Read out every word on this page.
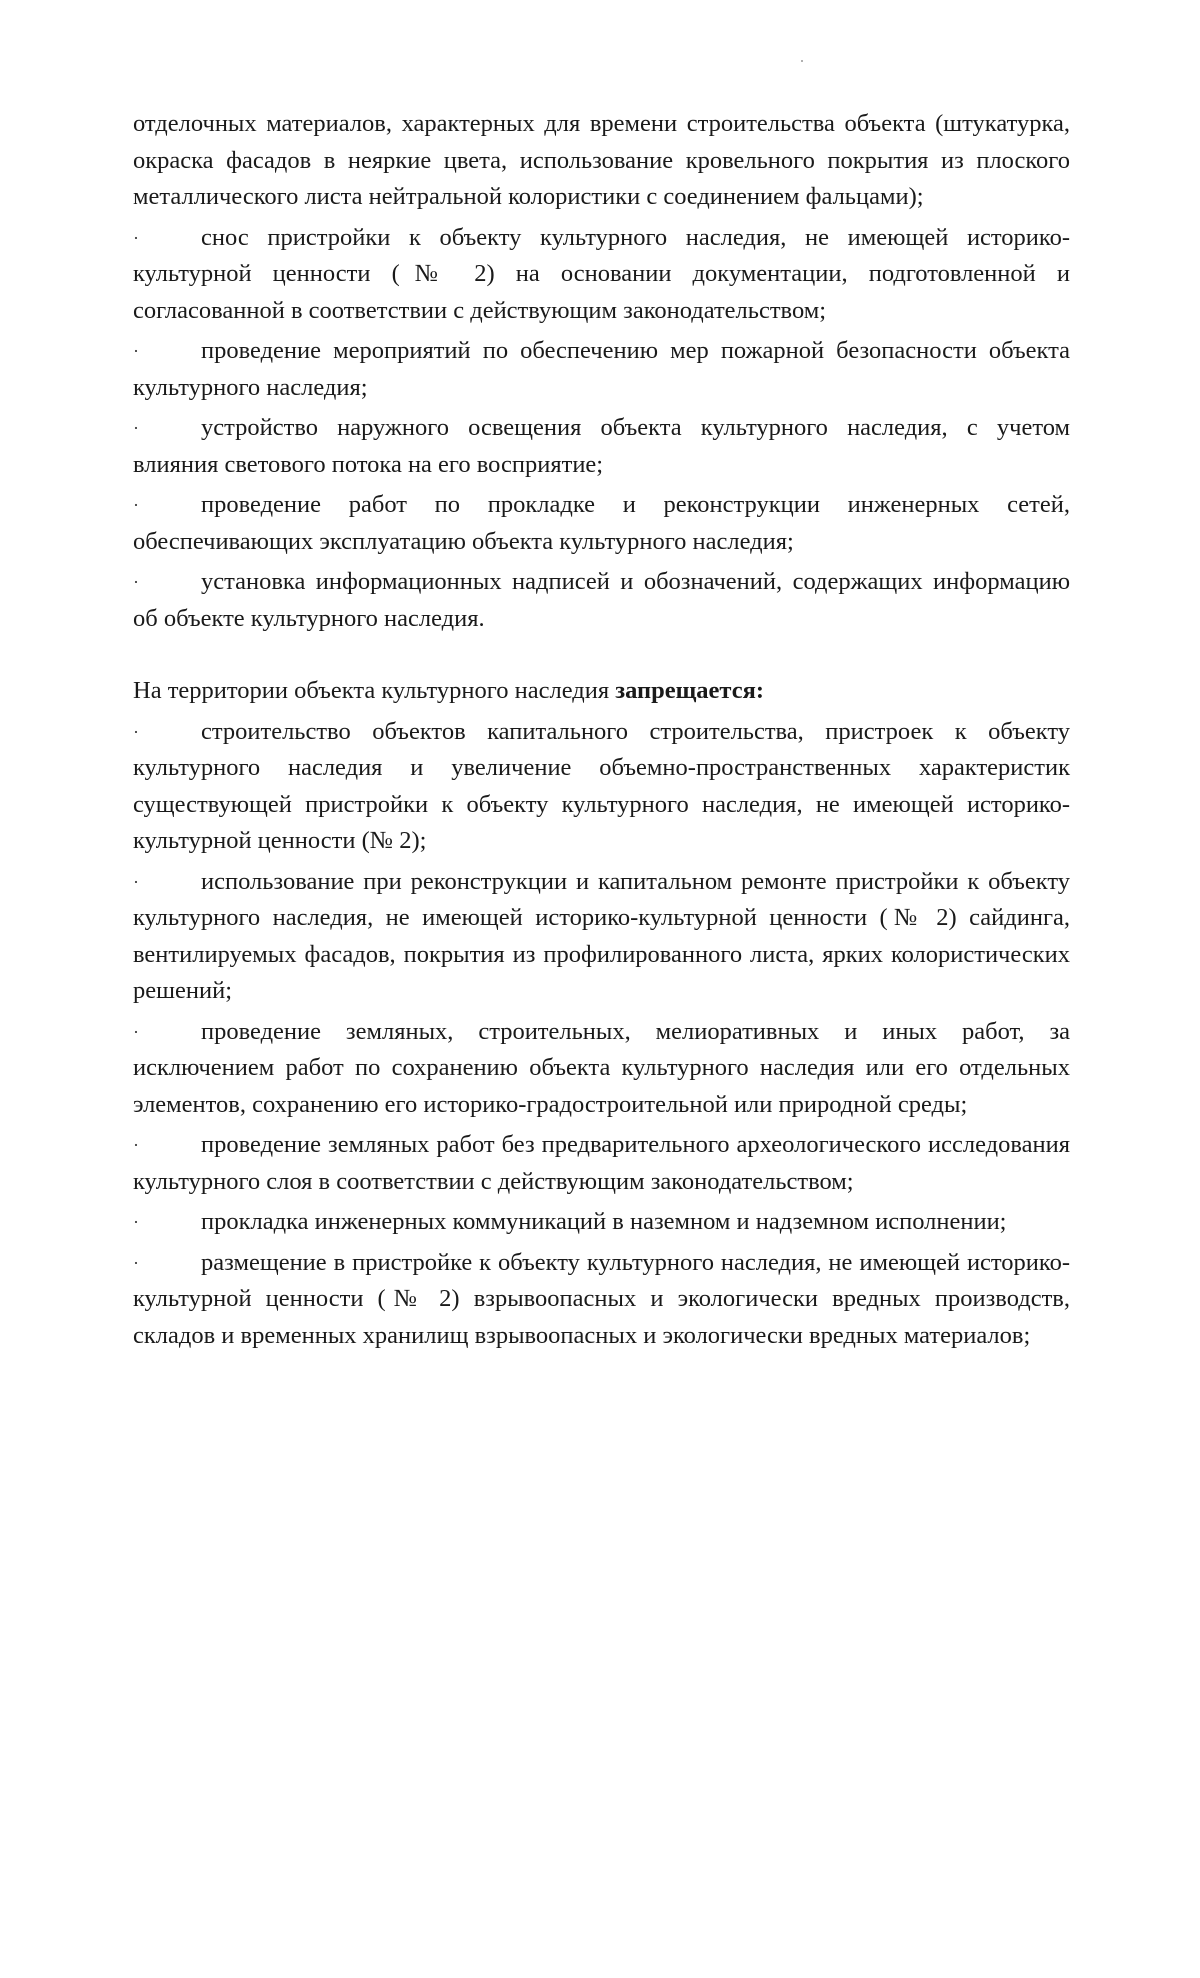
отделочных материалов, характерных для времени строительства объекта (штукатурка, окраска фасадов в неяркие цвета, использование кровельного покрытия из плоского металлического листа нейтральной колористики с соединением фальцами);

·	снос пристройки к объекту культурного наследия, не имеющей историко-культурной ценности (№ 2) на основании документации, подготовленной и согласованной в соответствии с действующим законодательством;

·	проведение мероприятий по обеспечению мер пожарной безопасности объекта культурного наследия;

·	устройство наружного освещения объекта культурного наследия, с учетом влияния светового потока на его восприятие;

·	проведение работ по прокладке и реконструкции инженерных сетей, обеспечивающих эксплуатацию объекта культурного наследия;

·	установка информационных надписей и обозначений, содержащих информацию об объекте культурного наследия.

На территории объекта культурного наследия запрещается:

·	строительство объектов капитального строительства, пристроек к объекту культурного наследия и увеличение объемно-пространственных характеристик существующей пристройки к объекту культурного наследия, не имеющей историко-культурной ценности (№ 2);

·	использование при реконструкции и капитальном ремонте пристройки к объекту культурного наследия, не имеющей историко-культурной ценности (№ 2) сайдинга, вентилируемых фасадов, покрытия из профилированного листа, ярких колористических решений;

·	проведение земляных, строительных, мелиоративных и иных работ, за исключением работ по сохранению объекта культурного наследия или его отдельных элементов, сохранению его историко-градостроительной или природной среды;

·	проведение земляных работ без предварительного археологического исследования культурного слоя в соответствии с действующим законодательством;

·	прокладка инженерных коммуникаций в наземном и надземном исполнении;

·	размещение в пристройке к объекту культурного наследия, не имеющей историко-культурной ценности (№ 2) взрывоопасных и экологически вредных производств, складов и временных хранилищ взрывоопасных и экологически вредных материалов;
